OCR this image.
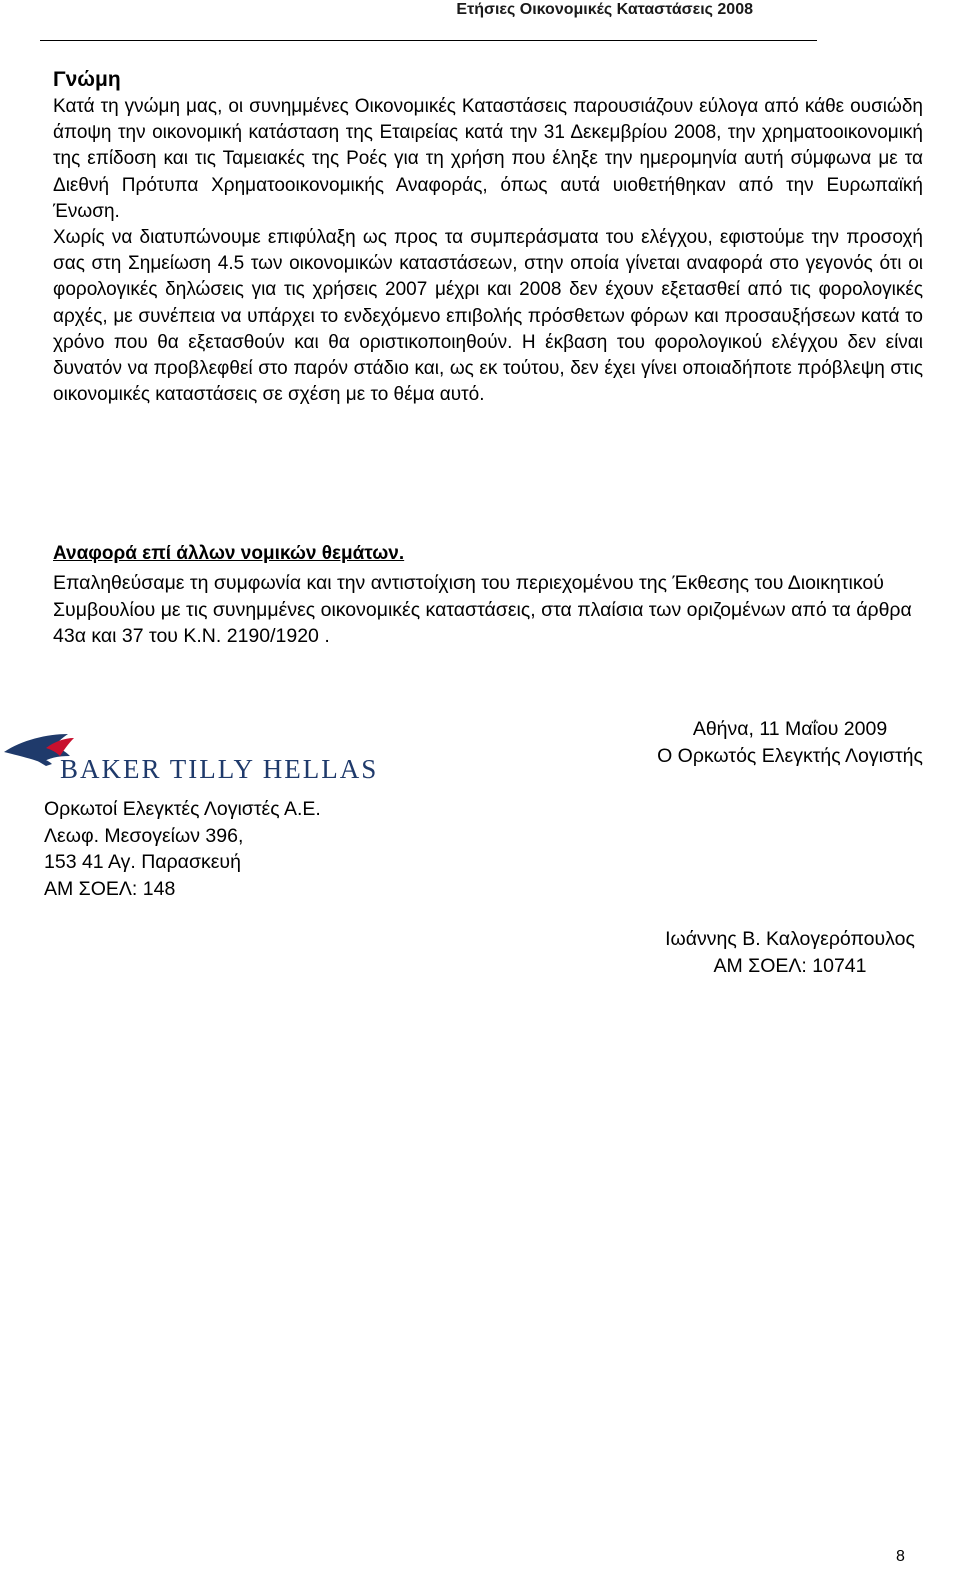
Ετήσιες Οικονομικές Καταστάσεις 2008
Γνώμη

Κατά τη γνώμη μας, οι συνημμένες Οικονομικές Καταστάσεις παρουσιάζουν εύλογα από κάθε ουσιώδη άποψη την οικονομική κατάσταση της Εταιρείας κατά την 31 Δεκεμβρίου 2008, την χρηματοοικονομική της επίδοση και τις Ταμειακές της Ροές για τη χρήση που έληξε την ημερομηνία αυτή σύμφωνα με τα Διεθνή Πρότυπα Χρηματοοικονομικής Αναφοράς, όπως αυτά υιοθετήθηκαν από την Ευρωπαϊκή Ένωση.

Χωρίς να διατυπώνουμε επιφύλαξη ως προς τα συμπεράσματα του ελέγχου, εφιστούμε την προσοχή σας στη Σημείωση 4.5 των οικονομικών καταστάσεων, στην οποία γίνεται αναφορά στο γεγονός ότι οι φορολογικές δηλώσεις για τις χρήσεις 2007 μέχρι και 2008 δεν έχουν εξετασθεί από τις φορολογικές αρχές, με συνέπεια να υπάρχει το ενδεχόμενο επιβολής πρόσθετων φόρων και προσαυξήσεων κατά το χρόνο που θα εξετασθούν και θα οριστικοποιηθούν. Η έκβαση του φορολογικού ελέγχου δεν είναι δυνατόν να προβλεφθεί στο παρόν στάδιο και, ως εκ τούτου, δεν έχει γίνει οποιαδήποτε πρόβλεψη στις οικονομικές καταστάσεις σε σχέση με το θέμα αυτό.

Αναφορά επί άλλων νομικών θεμάτων.

Επαληθεύσαμε τη συμφωνία και την αντιστοίχιση του περιεχομένου της Έκθεσης του Διοικητικού Συμβουλίου με τις συνημμένες οικονομικές καταστάσεις, στα πλαίσια των οριζομένων από τα άρθρα 43α και 37 του Κ.Ν. 2190/1920 .

BAKER TILLY HELLAS
Ορκωτοί Ελεγκτές Λογιστές Α.Ε.
Λεωφ. Μεσογείων 396,
153 41 Αγ. Παρασκευή
ΑΜ ΣΟΕΛ: 148
Αθήνα, 11 Μαΐου 2009
Ο Ορκωτός Ελεγκτής Λογιστής
Ιωάννης Β. Καλογερόπουλος
ΑΜ ΣΟΕΛ: 10741
8
